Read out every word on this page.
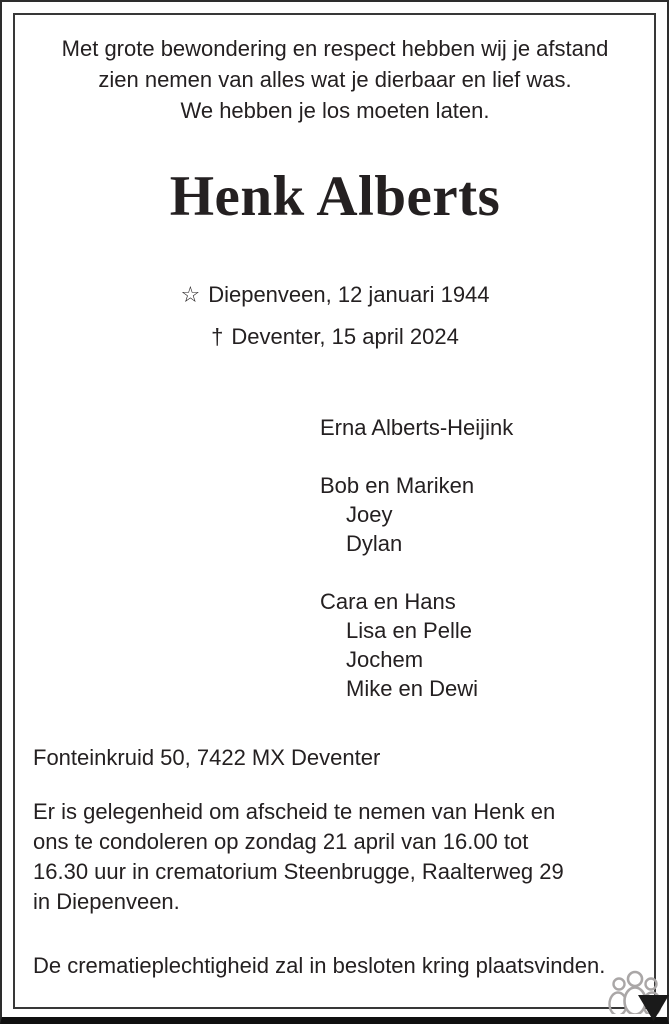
Met grote bewondering en respect hebben wij je afstand
zien nemen van alles wat je dierbaar en lief was.
We hebben je los moeten laten.
Henk Alberts
☆ Diepenveen, 12 januari 1944
† Deventer, 15 april 2024
Erna Alberts-Heijink
Bob en Mariken
Joey
Dylan
Cara en Hans
Lisa en Pelle
Jochem
Mike en Dewi
Fonteinkruid 50, 7422 MX Deventer
Er is gelegenheid om afscheid te nemen van Henk en
ons te condoleren op zondag 21 april van 16.00 tot
16.30 uur in crematorium Steenbrugge, Raalterweg 29
in Diepenveen.
De crematieplechtigheid zal in besloten kring plaatsvinden.
